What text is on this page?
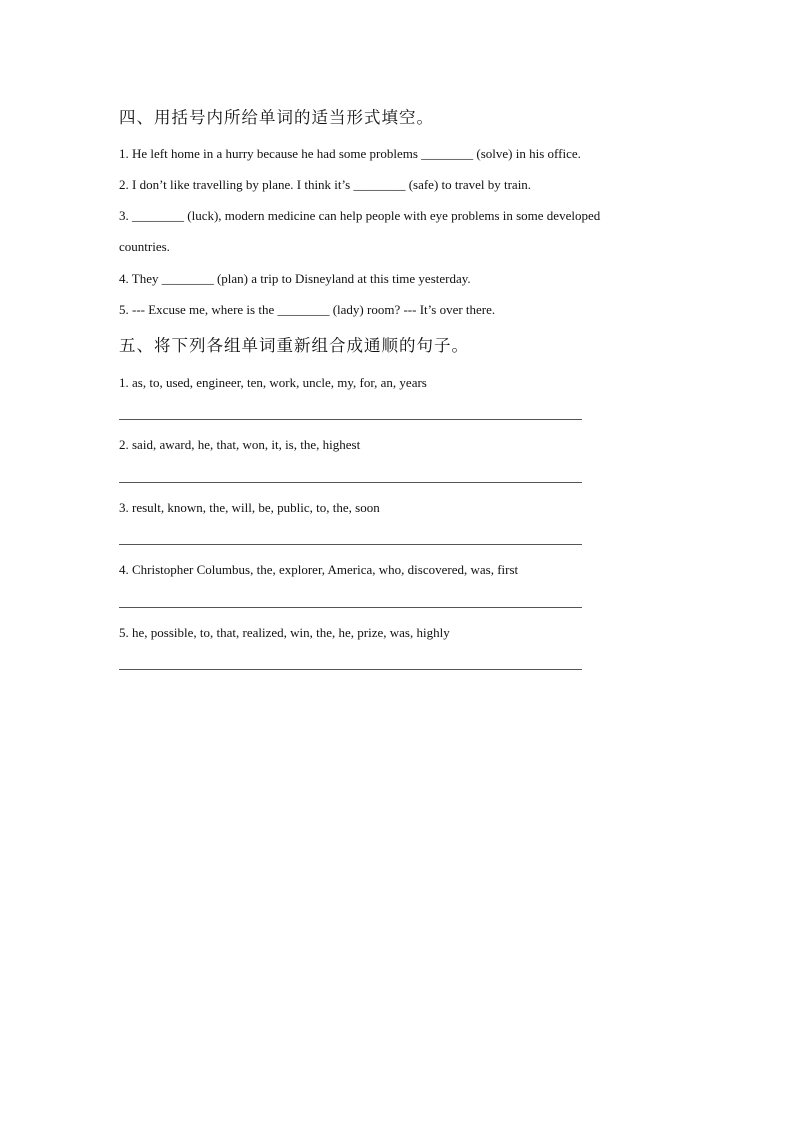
四、用括号内所给单词的适当形式填空。
1. He left home in a hurry because he had some problems ________ (solve) in his office.
2. I don’t like travelling by plane. I think it’s ________ (safe) to travel by train.
3. ________ (luck), modern medicine can help people with eye problems in some developed
countries.
4. They ________ (plan) a trip to Disneyland at this time yesterday.
5. --- Excuse me, where is the ________ (lady) room? --- It’s over there.
五、将下列各组单词重新组合成通顺的句子。
1. as, to, used, engineer, ten, work, uncle, my, for, an, years
2. said, award, he, that, won, it, is, the, highest
3. result, known, the, will, be, public, to, the, soon
4. Christopher Columbus, the, explorer, America, who, discovered, was, first
5. he, possible, to, that, realized, win, the, he, prize, was, highly
